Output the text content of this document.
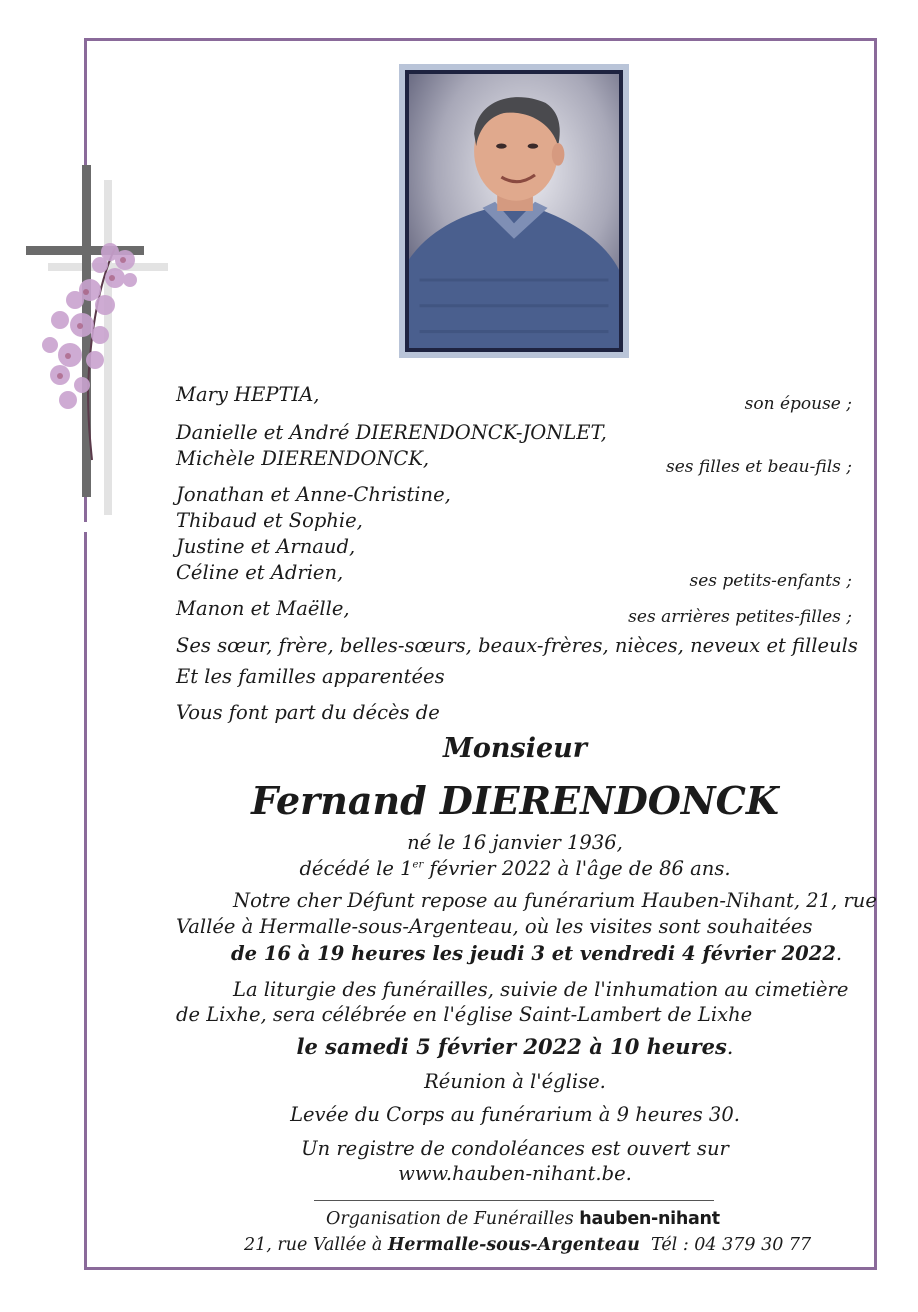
Mary HEPTIA,	son épouse ;
Danielle et André DIERENDONCK-JONLET,
Michèle DIERENDONCK,	ses filles et beau-fils ;
Jonathan et Anne-Christine,
Thibaud et Sophie,
Justine et Arnaud,
Céline et Adrien,	ses petits-enfants ;
Manon et Maëlle,	ses arrières petites-filles ;
Ses sœur, frère, belles-sœurs, beaux-frères, nièces, neveux et filleuls
Et les familles apparentées
Vous font part du décès de
Monsieur
Fernand DIERENDONCK
né le 16 janvier 1936,
décédé le 1er février 2022 à l'âge de 86 ans.
Notre cher Défunt repose au funérarium Hauben-Nihant, 21, rue
Vallée à Hermalle-sous-Argenteau, où les visites sont souhaitées
de 16 à 19 heures les jeudi 3 et vendredi 4 février 2022.
La liturgie des funérailles, suivie de l'inhumation au cimetière
de Lixhe, sera célébrée en l'église Saint-Lambert de Lixhe
le samedi 5 février 2022 à 10 heures.
Réunion à l'église.
Levée du Corps au funérarium à 9 heures 30.
Un registre de condoléances est ouvert sur
www.hauben-nihant.be.
Organisation de Funérailles hauben-nihant
21, rue Vallée à Hermalle-sous-Argenteau  Tél : 04 379 30 77
